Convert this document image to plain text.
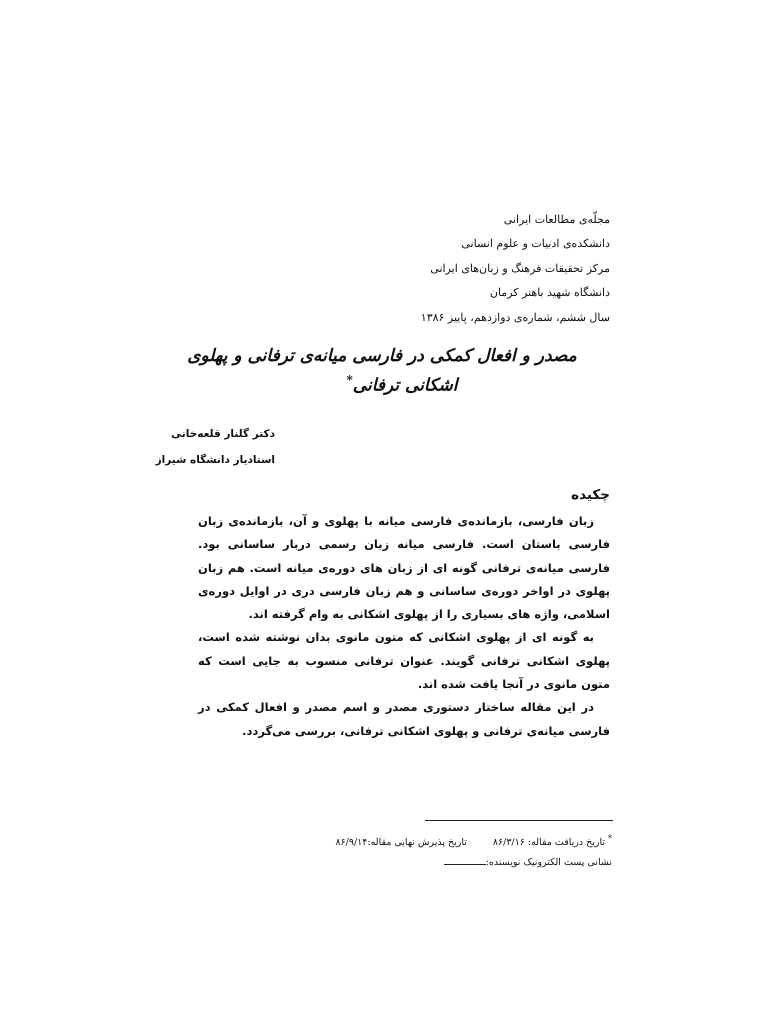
مجلّه‌ی مطالعات ایرانی
دانشکده‌ی ادبیات و علوم انسانی
مرکز تحقیقات فرهنگ و زبان‌های ایرانی
دانشگاه شهید باهنر کرمان
سال ششم، شماره‌ی دوازدهم، پاییز ۱۳۸۶
مصدر و افعال کمکی در فارسی میانه‌ی ترفانی و پهلوی
اشکانی ترفانی*
دکتر گلنار قلعه‌خانی
استادیار دانشگاه شیراز
چکیده

زبان فارسی، بازمانده‌ی فارسی میانه با پهلوی و آن، بازمانده‌ی زبان فارسی باستان است. فارسی میانه زبان رسمی دربار ساسانی بود. فارسی میانه‌ی ترفانی گونه ای از زبان های دوره‌ی میانه است. هم زبان پهلوی در اواخر دوره‌ی ساسانی و هم زبان فارسی دری در اوایل دوره‌ی اسلامی، واژه های بسیاری را از پهلوی اشکانی به وام گرفته اند.

به گونه ای از پهلوی اشکانی که متون مانوی بدان نوشته شده است، پهلوی اشکانی ترفانی گویند. عنوان ترفانی منسوب به جایی است که متون مانوی در آنجا یافت شده اند.

در این مقاله ساختار دستوری مصدر و اسم مصدر و افعال کمکی در فارسی میانه‌ی ترفانی و پهلوی اشکانی ترفانی، بررسی می‌گردد.

* تاریخ دریافت مقاله: ۸۶/۳/۱۶تاریخ پذیرش نهایی مقاله:۸۶/۹/۱۴
نشانی پست الکترونیک نویسنده:
